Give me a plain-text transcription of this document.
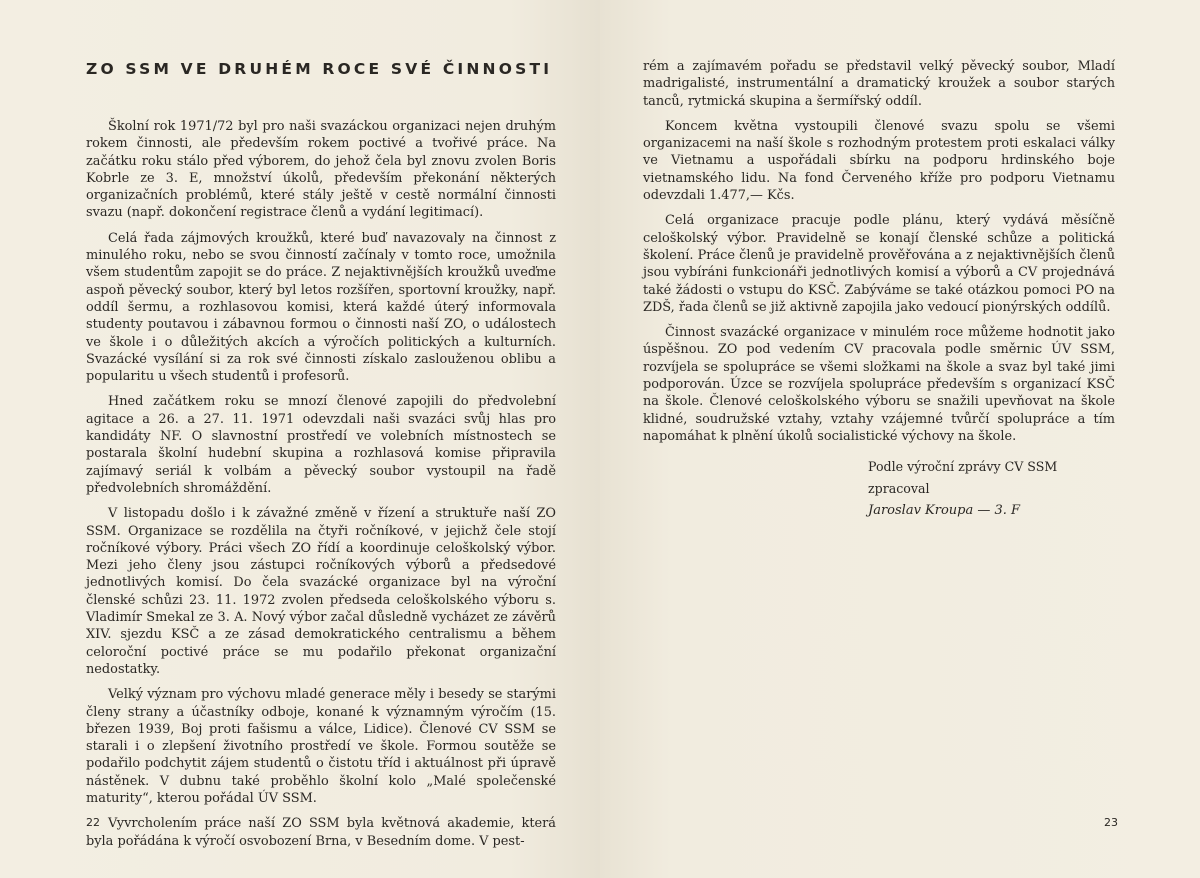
ZO SSM VE DRUHÉM ROCE SVÉ ČINNOSTI

Školní rok 1971/72 byl pro naši svazáckou organizaci nejen druhým rokem činnosti, ale především rokem poctivé a tvořivé práce. Na začátku roku stálo před výborem, do jehož čela byl znovu zvolen Boris Kobrle ze 3. E, množství úkolů, především překonání některých organizačních problémů, které stály ještě v cestě normální činnosti svazu (např. dokončení registrace členů a vydání legitimací).

Celá řada zájmových kroužků, které buď navazovaly na činnost z minulého roku, nebo se svou činností začínaly v tomto roce, umožnila všem studentům zapojit se do práce. Z nejaktivnějších kroužků uveďme aspoň pěvecký soubor, který byl letos rozšířen, sportovní kroužky, např. oddíl šermu, a rozhlasovou komisi, která každé úterý informovala studenty poutavou i zábavnou formou o činnosti naší ZO, o událostech ve škole i o důležitých akcích a výročích politických a kulturních. Svazácké vysílání si za rok své činnosti získalo zaslouženou oblibu a popularitu u všech studentů i profesorů.

Hned začátkem roku se mnozí členové zapojili do předvolební agitace a 26. a 27. 11. 1971 odevzdali naši svazáci svůj hlas pro kandidáty NF. O slavnostní prostředí ve volebních místnostech se postarala školní hudební skupina a rozhlasová komise připravila zajímavý seriál k volbám a pěvecký soubor vystoupil na řadě předvolebních shromáždění.

V listopadu došlo i k závažné změně v řízení a struktuře naší ZO SSM. Organizace se rozdělila na čtyři ročníkové, v jejichž čele stojí ročníkové výbory. Práci všech ZO řídí a koordinuje celoškolský výbor. Mezi jeho členy jsou zástupci ročníkových výborů a předsedové jednotlivých komisí. Do čela svazácké organizace byl na výroční členské schůzi 23. 11. 1972 zvolen předseda celoškolského výboru s. Vladimír Smekal ze 3. A. Nový výbor začal důsledně vycházet ze závěrů XIV. sjezdu KSČ a ze zásad demokratického centralismu a během celoroční poctivé práce se mu podařilo překonat organizační nedostatky.

Velký význam pro výchovu mladé generace měly i besedy se starými členy strany a účastníky odboje, konané k významným výročím (15. březen 1939, Boj proti fašismu a válce, Lidice). Členové CV SSM se starali i o zlepšení životního prostředí ve škole. Formou soutěže se podařilo podchytit zájem studentů o čistotu tříd i aktuálnost při úpravě nástěnek. V dubnu také proběhlo školní kolo „Malé společenské maturity“, kterou pořádal ÚV SSM.

Vyvrcholením práce naší ZO SSM byla květnová akademie, která byla pořádána k výročí osvobození Brna, v Besedním dome. V pest-

22

rém a zajímavém pořadu se představil velký pěvecký soubor, Mladí madrigalisté, instrumentální a dramatický kroužek a soubor starých tanců, rytmická skupina a šermířský oddíl.

Koncem května vystoupili členové svazu spolu se všemi organizacemi na naší škole s rozhodným protestem proti eskalaci války ve Vietnamu a uspořádali sbírku na podporu hrdinského boje vietnamského lidu. Na fond Červeného kříže pro podporu Vietnamu odevzdali 1.477,— Kčs.

Celá organizace pracuje podle plánu, který vydává měsíčně celoškolský výbor. Pravidelně se konají členské schůze a politická školení. Práce členů je pravidelně prověřována a z nejaktivnějších členů jsou vybíráni funkcionáři jednotlivých komisí a výborů a CV projednává také žádosti o vstupu do KSČ. Zabýváme se také otázkou pomoci PO na ZDŠ, řada členů se již aktivně zapojila jako vedoucí pionýrských oddílů.

Činnost svazácké organizace v minulém roce můžeme hodnotit jako úspěšnou. ZO pod vedením CV pracovala podle směrnic ÚV SSM, rozvíjela se spolupráce se všemi složkami na škole a svaz byl také jimi podporován. Úzce se rozvíjela spolupráce především s organizací KSČ na škole. Členové celoškolského výboru se snažili upevňovat na škole klidné, soudružské vztahy, vztahy vzájemné tvůrčí spolupráce a tím napomáhat k plnění úkolů socialistické výchovy na škole.

Podle výroční zprávy CV SSM zpracoval
Jaroslav Kroupa — 3. F
23
